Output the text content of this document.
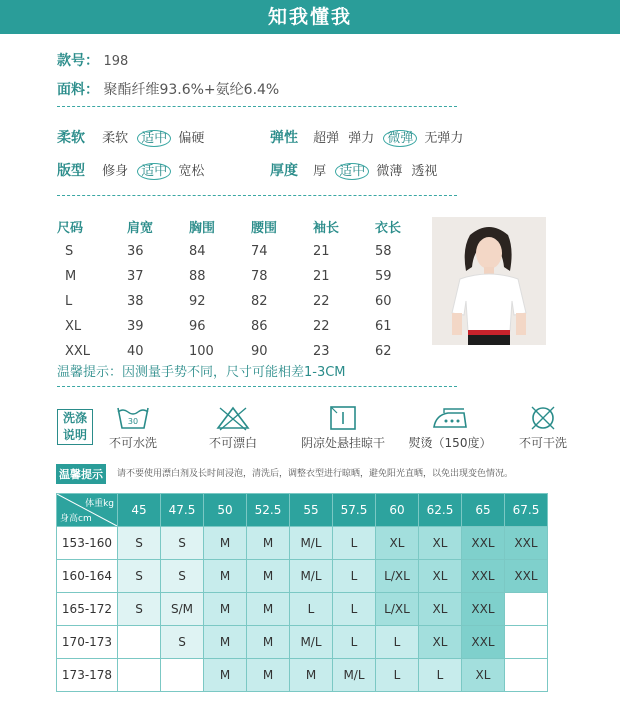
知我懂我
款号： 198
面料： 聚酯纤维93.6%+氨纶6.4%
柔软 柔软 适中 偏硬	弹性 超弹 弹力 微弹 无弹力
版型 修身 适中 宽松	厚度 厚 适中 微薄 透视
尺码	肩宽	胸围	腰围	袖长	衣长
S	36	84	74	21	58
M	37	88	78	21	59
L	38	92	82	22	60
XL	39	96	86	22	61
XXL	40	100	90	23	62
温馨提示：因测量手势不同，尺寸可能相差1-3CM
洗涤说明
30
不可水洗	不可漂白	阴凉处悬挂晾干	熨烫（150度）	不可干洗
温馨提示	请不要使用漂白剂及长时间浸泡，清洗后，调整衣型进行晾晒，避免阳光直晒，以免出现变色情况。
体重kg
身高cm	45	47.5	50	52.5	55	57.5	60	62.5	65	67.5
153-160	S	S	M	M	M/L	L	XL	XL	XXL	XXL
160-164	S	S	M	M	M/L	L	L/XL	XL	XXL	XXL
165-172	S	S/M	M	M	L	L	L/XL	XL	XXL	
170-173		S	M	M	M/L	L	L	XL	XXL	
173-178			M	M	M	M/L	L	L	XL	
